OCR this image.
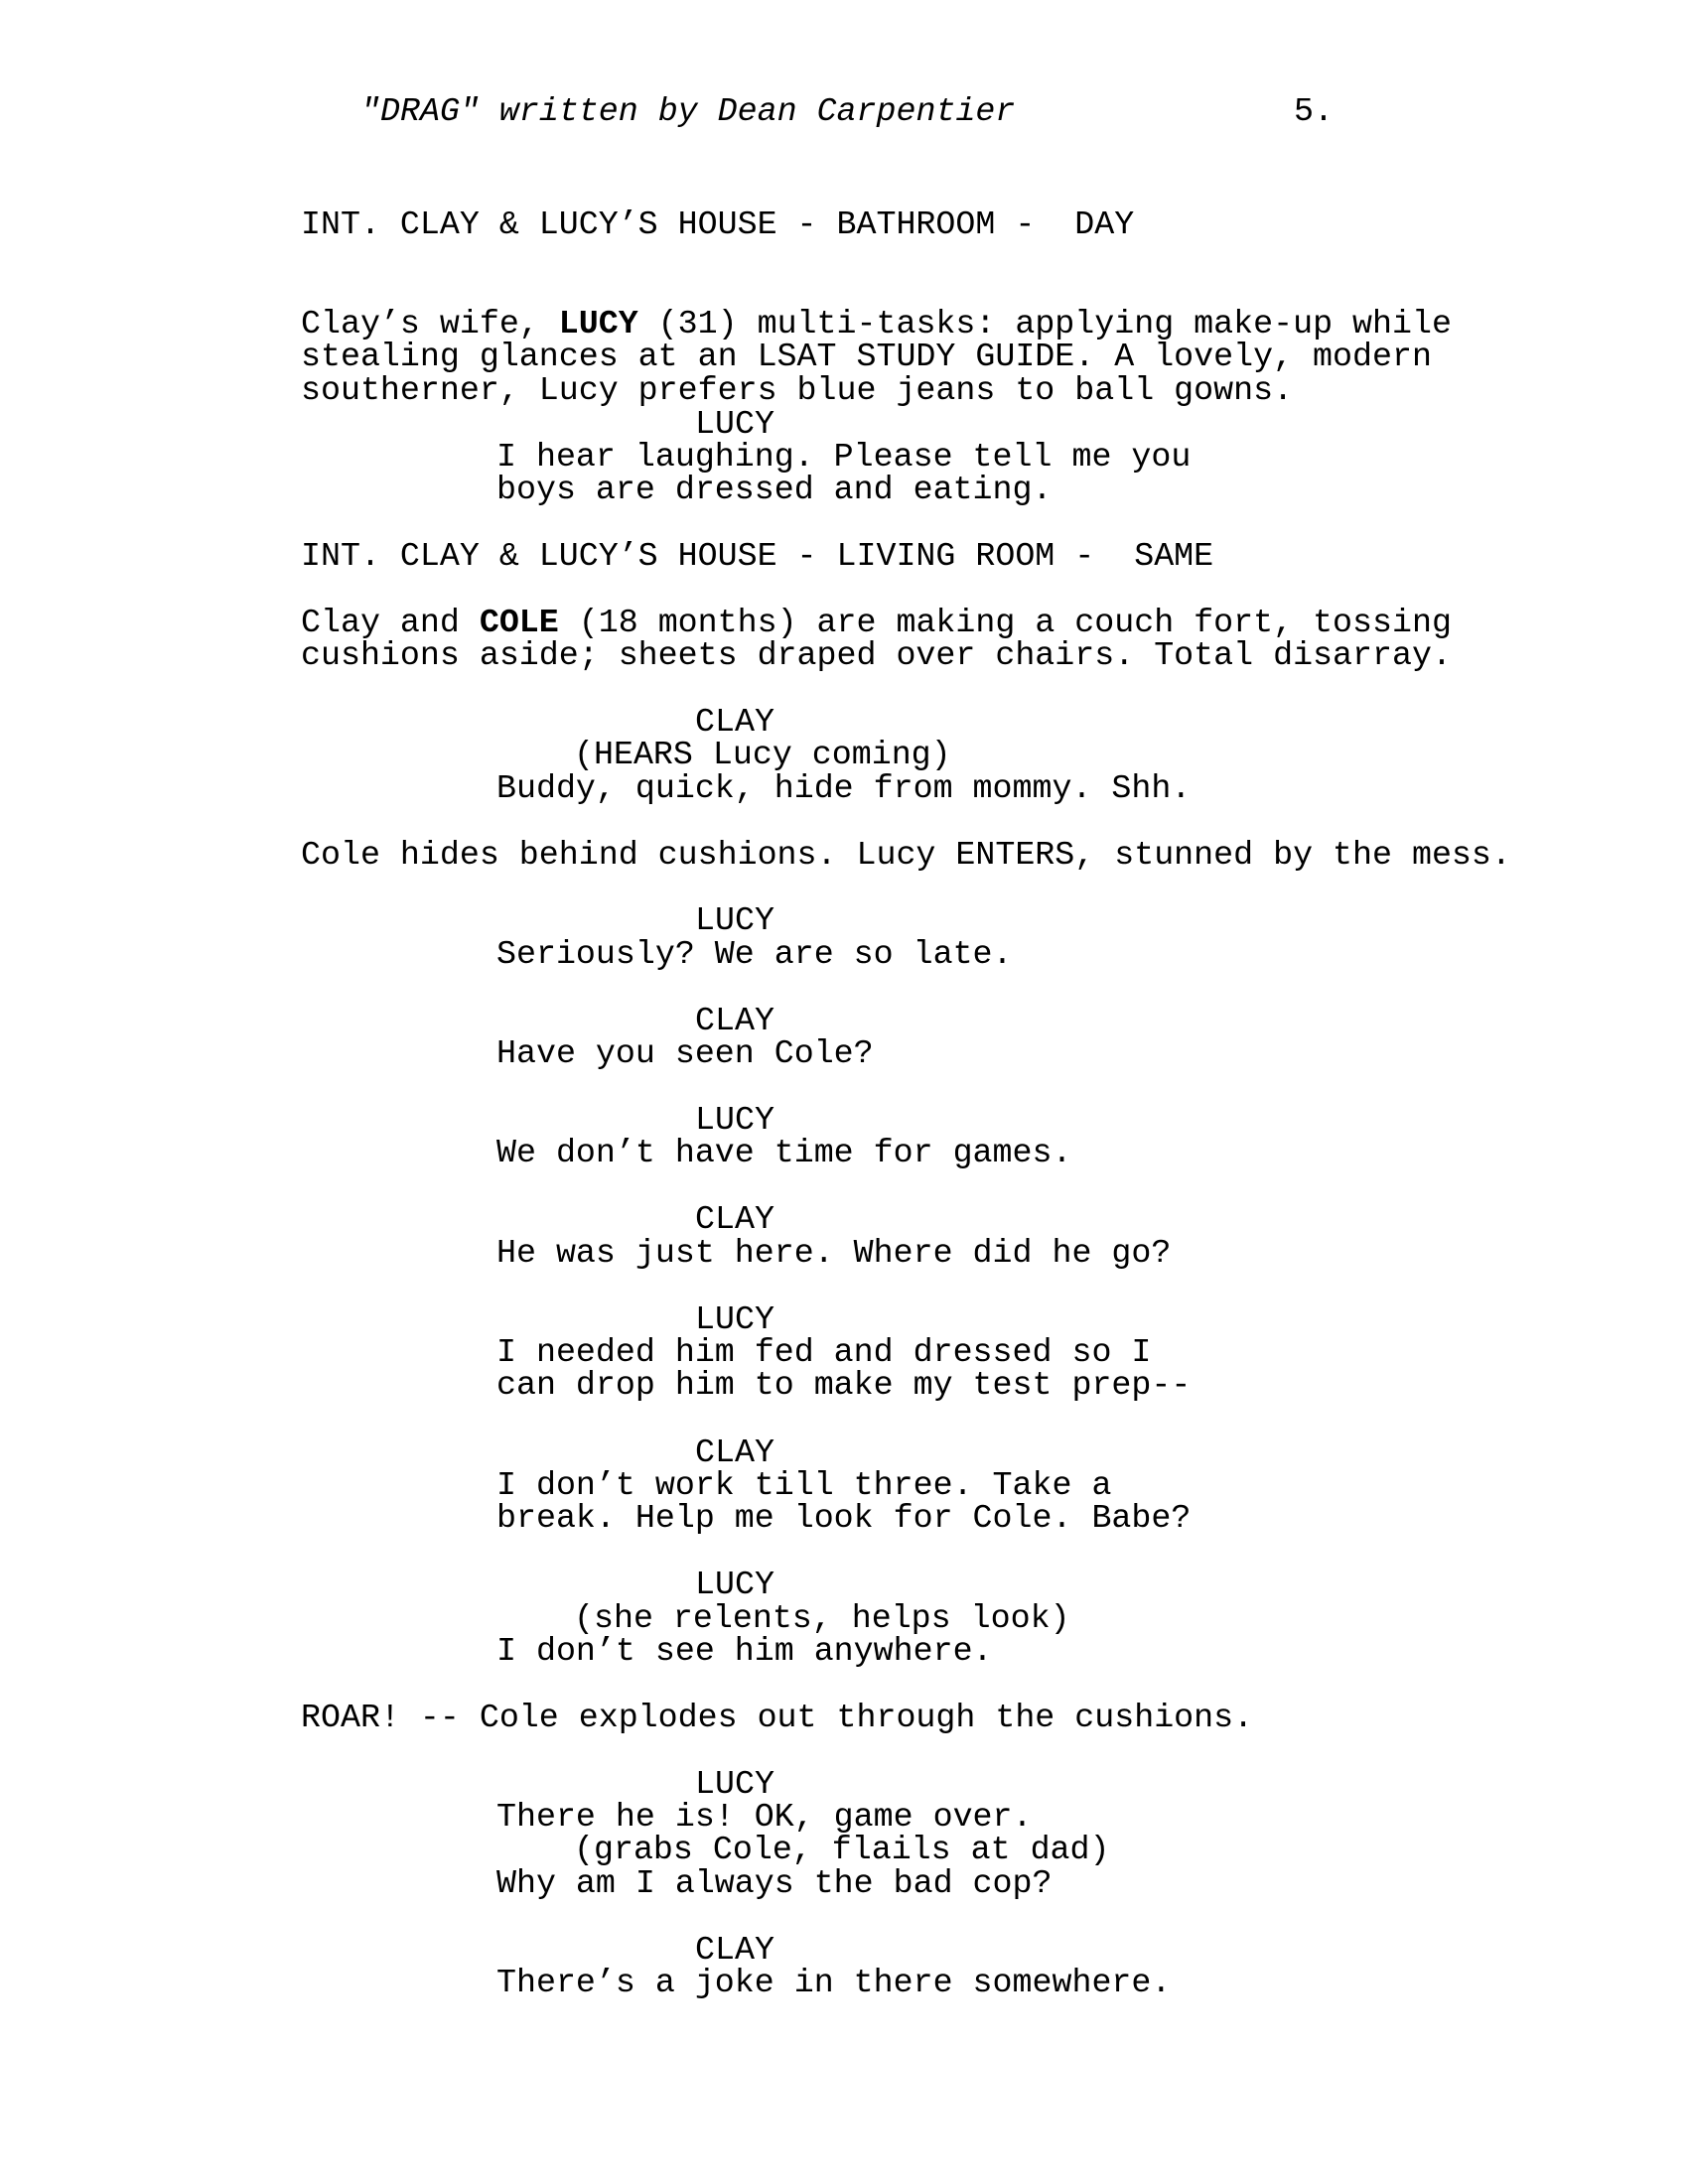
"DRAG" written by Dean Carpentier	5.
INT. CLAY & LUCY’S HOUSE - BATHROOM -  DAY
Clay’s wife, LUCY (31) multi-tasks: applying make-up while
stealing glances at an LSAT STUDY GUIDE. A lovely, modern
southerner, Lucy prefers blue jeans to ball gowns.
LUCY
I hear laughing. Please tell me you
boys are dressed and eating.
INT. CLAY & LUCY’S HOUSE - LIVING ROOM -  SAME
Clay and COLE (18 months) are making a couch fort, tossing
cushions aside; sheets draped over chairs. Total disarray.
CLAY
(HEARS Lucy coming)
Buddy, quick, hide from mommy. Shh.
Cole hides behind cushions. Lucy ENTERS, stunned by the mess.
LUCY
Seriously? We are so late.
CLAY
Have you seen Cole?
LUCY
We don’t have time for games.
CLAY
He was just here. Where did he go?
LUCY
I needed him fed and dressed so I
can drop him to make my test prep--
CLAY
I don’t work till three. Take a
break. Help me look for Cole. Babe?
LUCY
(she relents, helps look)
I don’t see him anywhere.
ROAR! -- Cole explodes out through the cushions.
LUCY
There he is! OK, game over.
(grabs Cole, flails at dad)
Why am I always the bad cop?
CLAY
There’s a joke in there somewhere.
